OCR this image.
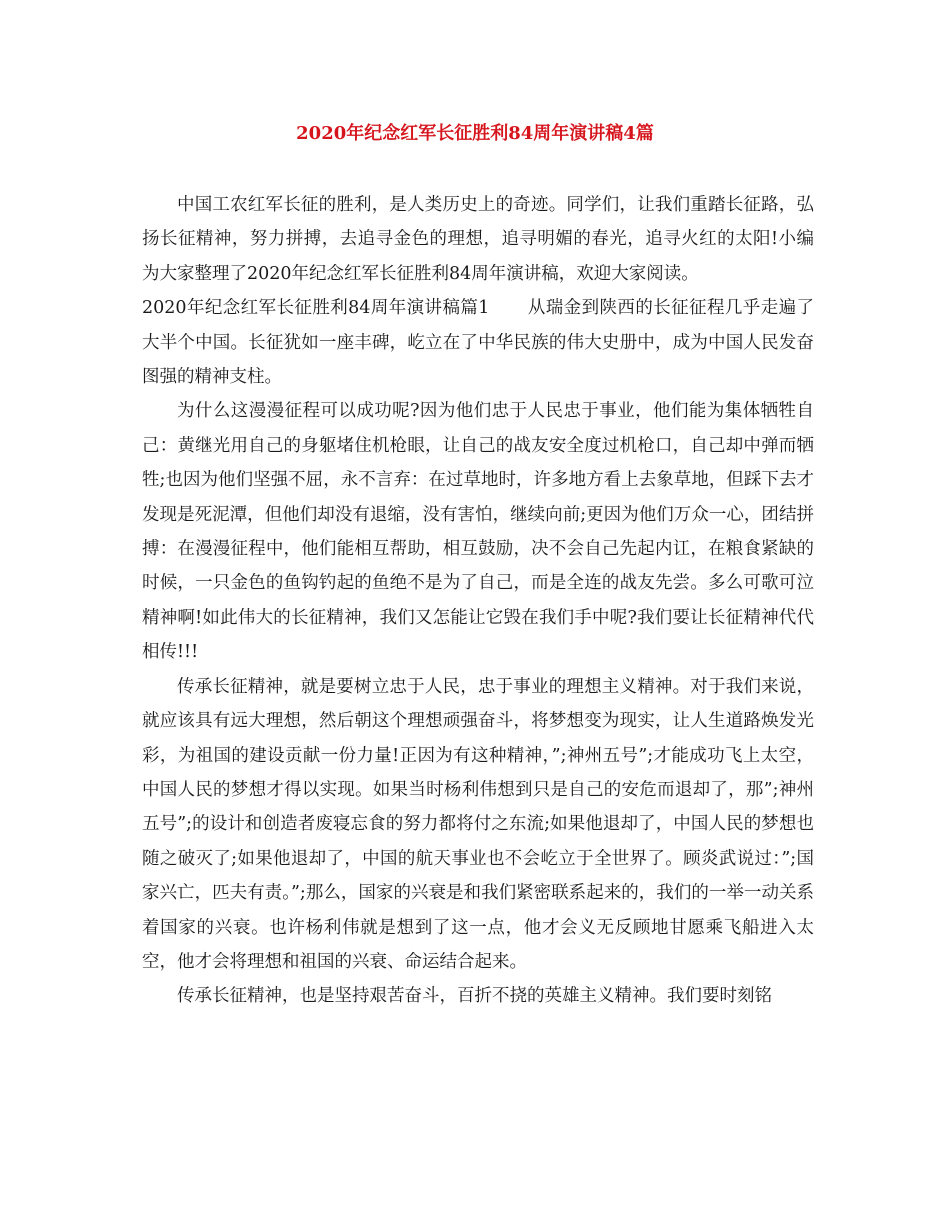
2020年纪念红军长征胜利84周年演讲稿4篇

中国工农红军长征的胜利，是人类历史上的奇迹。同学们，让我们重踏长征路，弘扬长征精神，努力拼搏，去追寻金色的理想，追寻明媚的春光，追寻火红的太阳!小编为大家整理了2020年纪念红军长征胜利84周年演讲稿，欢迎大家阅读。

2020年纪念红军长征胜利84周年演讲稿篇1 从瑞金到陕西的长征征程几乎走遍了大半个中国。长征犹如一座丰碑，屹立在了中华民族的伟大史册中，成为中国人民发奋图强的精神支柱。

为什么这漫漫征程可以成功呢?因为他们忠于人民忠于事业，他们能为集体牺牲自己：黄继光用自己的身躯堵住机枪眼，让自己的战友安全度过机枪口，自己却中弹而牺牲;也因为他们坚强不屈，永不言弃：在过草地时，许多地方看上去象草地，但踩下去才发现是死泥潭，但他们却没有退缩，没有害怕，继续向前;更因为他们万众一心，团结拼搏：在漫漫征程中，他们能相互帮助，相互鼓励，决不会自己先起内讧，在粮食紧缺的时候，一只金色的鱼钩钓起的鱼绝不是为了自己，而是全连的战友先尝。多么可歌可泣精神啊!如此伟大的长征精神，我们又怎能让它毁在我们手中呢?我们要让长征精神代代相传!!!

传承长征精神，就是要树立忠于人民，忠于事业的理想主义精神。对于我们来说，就应该具有远大理想，然后朝这个理想顽强奋斗，将梦想变为现实，让人生道路焕发光彩，为祖国的建设贡献一份力量!正因为有这种精神，”;神州五号”;才能成功飞上太空，中国人民的梦想才得以实现。如果当时杨利伟想到只是自己的安危而退却了，那”;神州五号”;的设计和创造者废寝忘食的努力都将付之东流;如果他退却了，中国人民的梦想也随之破灭了;如果他退却了，中国的航天事业也不会屹立于全世界了。顾炎武说过：”;国家兴亡，匹夫有责。”;那么，国家的兴衰是和我们紧密联系起来的，我们的一举一动关系着国家的兴衰。也许杨利伟就是想到了这一点，他才会义无反顾地甘愿乘飞船进入太空，他才会将理想和祖国的兴衰、命运结合起来。

传承长征精神，也是坚持艰苦奋斗，百折不挠的英雄主义精神。我们要时刻铭
